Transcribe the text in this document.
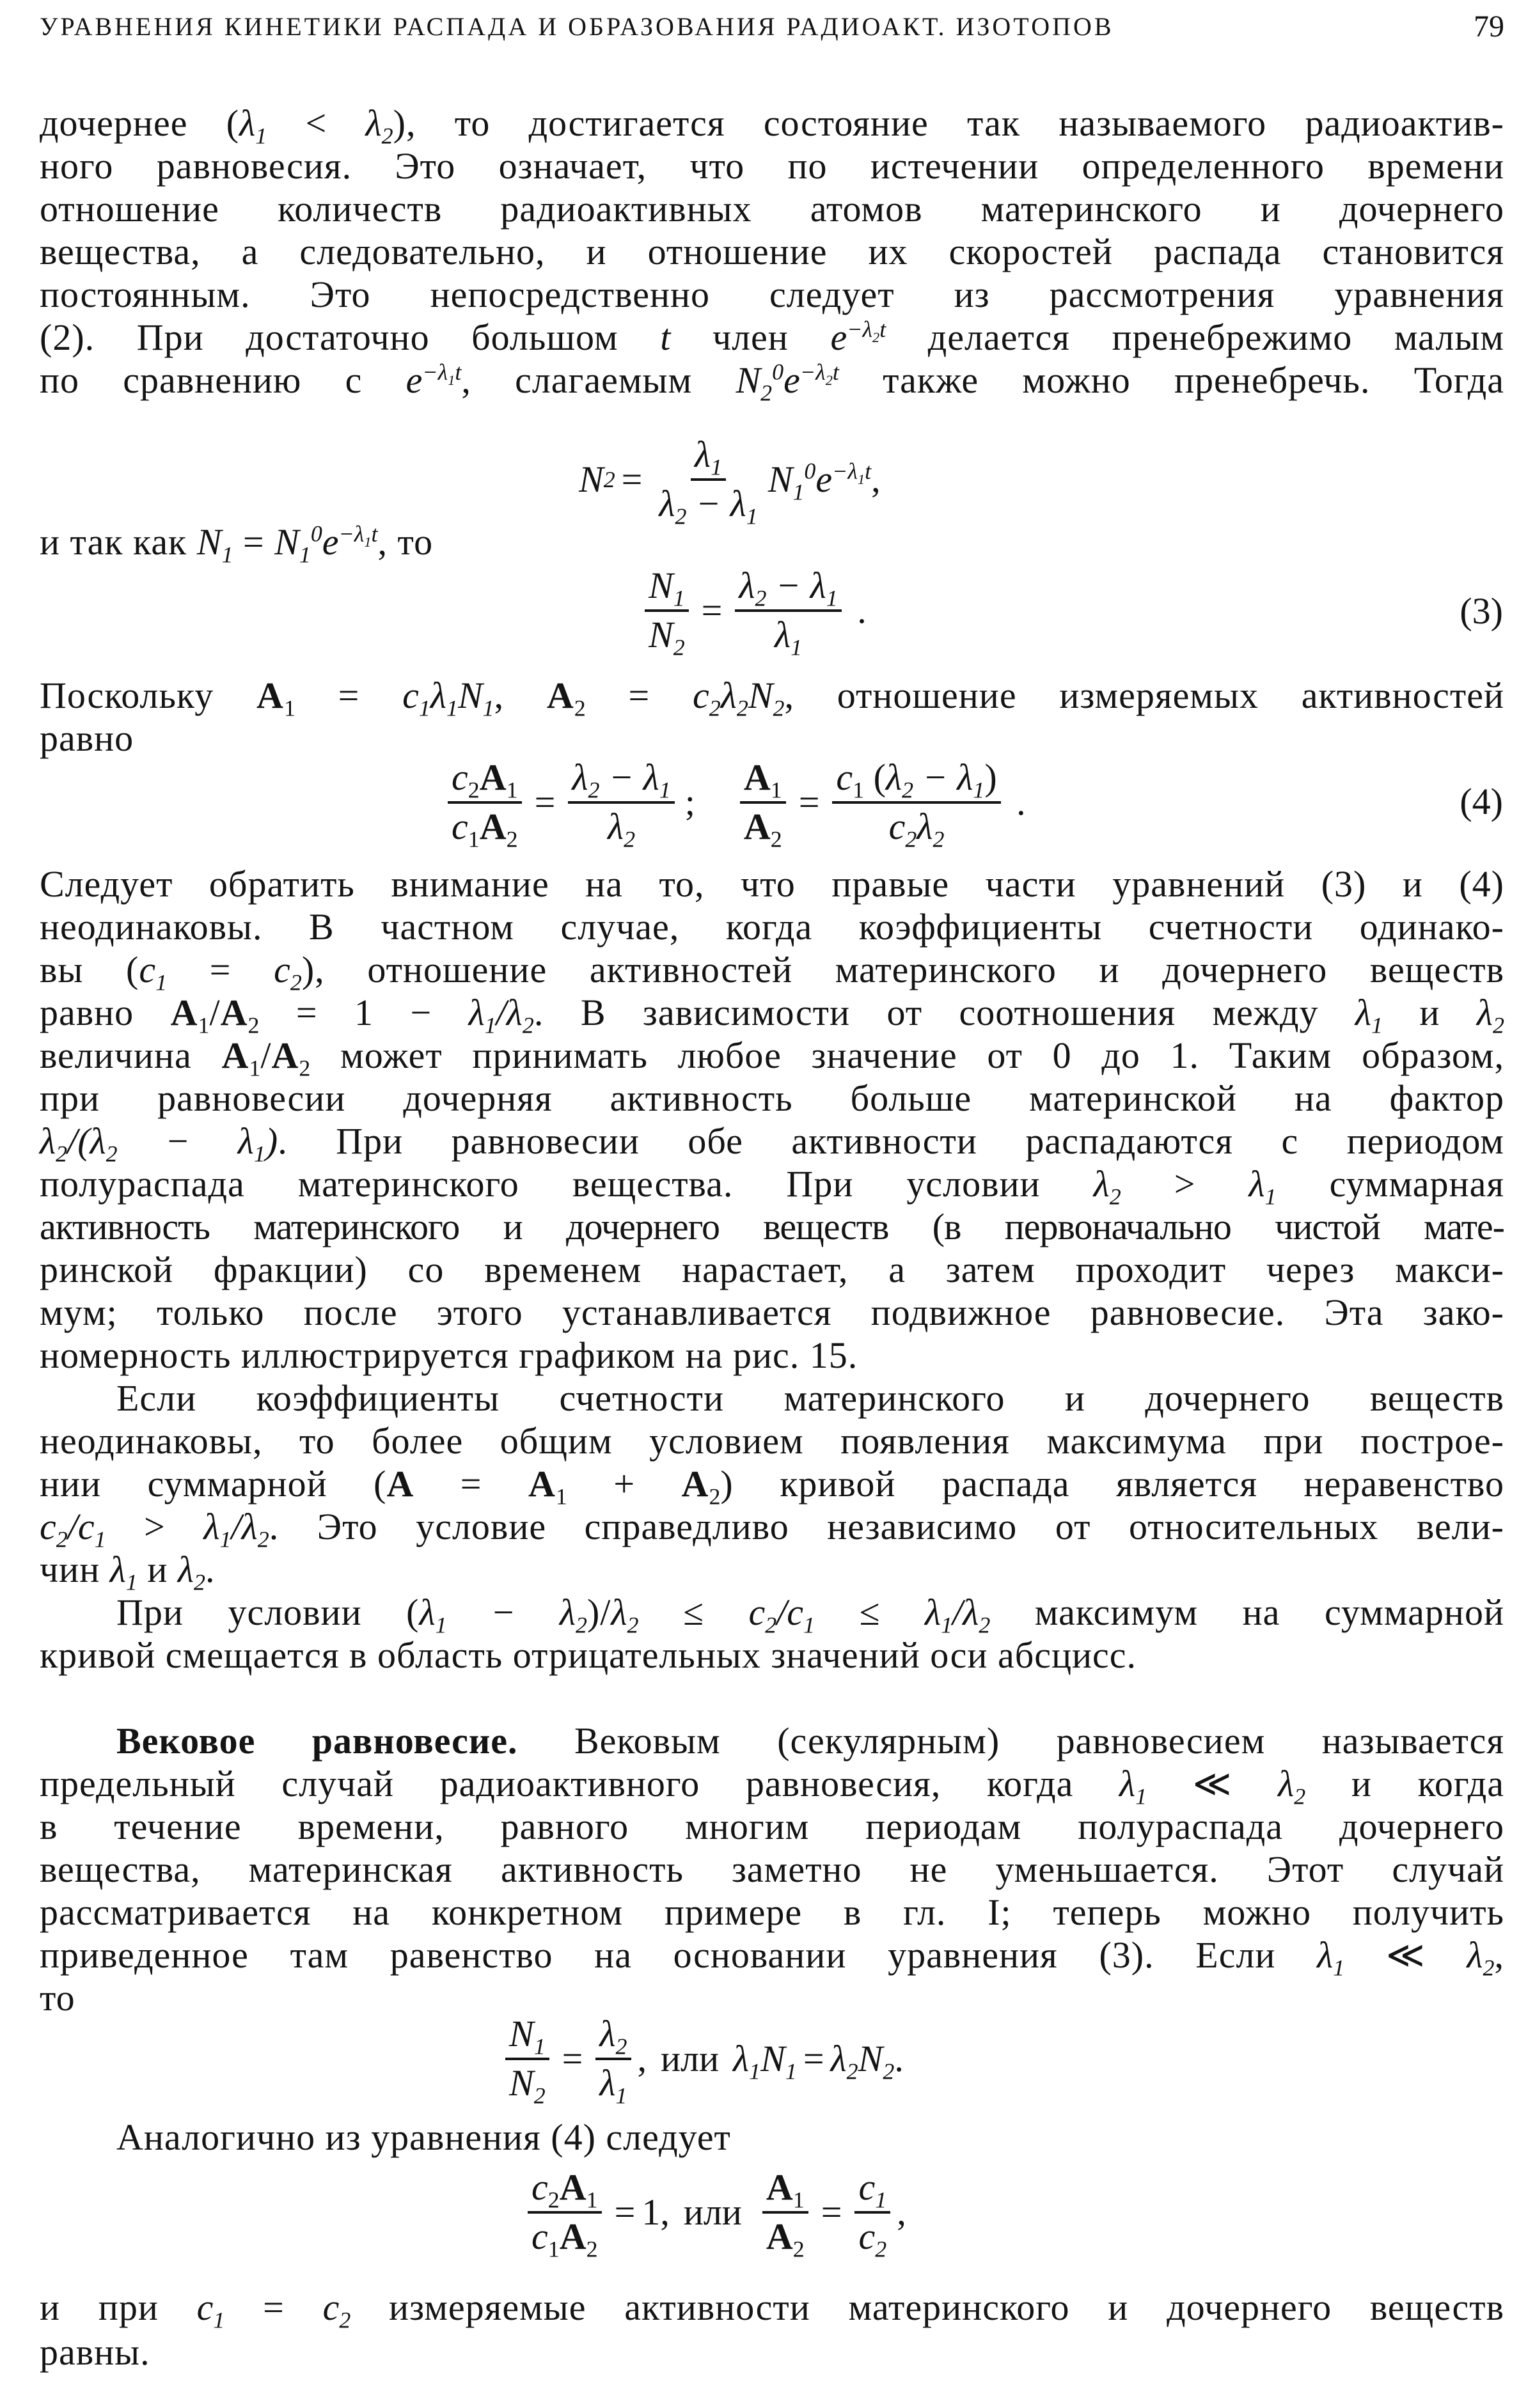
УРАВНЕНИЯ КИНЕТИКИ РАСПАДА И ОБРАЗОВАНИЯ РАДИОАКТ. ИЗОТОПОВ	79
дочернее $(\lambda_1 < \lambda_2)$, то достигается состояние так называемого радиоактив-
ного равновесия. Это означает, что по истечении определенного времени
отношение количеств радиоактивных атомов материнского и дочернего
вещества, а следовательно, и отношение их скоростей распада становится
постоянным. Это непосредственно следует из рассмотрения уравнения
(2). При достаточно большом t член $e^{-\lambda_2t}$ делается пренебрежимо малым
по сравнению с $e^{-\lambda_1t}$, слагаемым $N_2^0e^{-\lambda_2t}$ также можно пренебречь. Тогда
N $2 = \frac{\lambda_1}{\lambda_2 - \lambda_1} N_1^0e^{-\lambda_1t}$ ,
и так как $N_1 = N_1^0e^{-\lambda_1t}$, то
$\frac{N_1}{N_2} = \frac{\lambda_2 - \lambda_1}{\lambda_1}$ .	(3)
Поскольку $A_1 = c_1\lambda_1N_1$, $A_2 = c_2\lambda_2N_2$, отношение измеряемых активностей
равно
$\frac{c_2A_1}{c_1A_2} = \frac{\lambda_2 - \lambda_1}{\lambda_2}$ ; $\frac{A_1}{A_2} = \frac{c_1 (\lambda_2 - \lambda_1)}{c_2\lambda_2}$ .	(4)
Следует обратить внимание на то, что правые части уравнений (3) и (4)
неодинаковы. В частном случае, когда коэффициенты счетности одинако-
вы $(c_1 = c_2)$, отношение активностей материнского и дочернего веществ
равно $A_1/A_2 = 1 - \lambda_1/\lambda_2$. В зависимости от соотношения между $\lambda_1$ и $\lambda_2$
величина $A_1/A_2$ может принимать любое значение от 0 до 1. Таким образом,
при равновесии дочерняя активность больше материнской на фактор
$\lambda_2/(\lambda_2 - \lambda_1)$. При равновесии обе активности распадаются с периодом
полураспада материнского вещества. При условии $\lambda_2 > \lambda_1$ суммарная
активность материнского и дочернего веществ (в первоначально чистой мате-
ринской фракции) со временем нарастает, а затем проходит через макси-
мум; только после этого устанавливается подвижное равновесие. Эта зако-
номерность иллюстрируется графиком на рис. 15.
Если коэффициенты счетности материнского и дочернего веществ
неодинаковы, то более общим условием появления максимума при построе-
нии суммарной $(A = A_1 + A_2)$ кривой распада является неравенство
$c_2/c_1 > \lambda_1/\lambda_2$. Это условие справедливо независимо от относительных вели-
чин $\lambda_1$ и $\lambda_2$.
При условии $(\lambda_1 - \lambda_2)/\lambda_2 \le c_2/c_1 \le \lambda_1/\lambda_2$ максимум на суммарной
кривой смещается в область отрицательных значений оси абсцисс.
Вековое равновесие. Вековым (секулярным) равновесием называется
предельный случай радиоактивного равновесия, когда $\lambda_1$ ≪ $\lambda_2$ и когда
в течение времени, равного многим периодам полураспада дочернего
вещества, материнская активность заметно не уменьшается. Этот случай
рассматривается на конкретном примере в гл. I; теперь можно получить
приведенное там равенство на основании уравнения (3). Если $\lambda_1$ ≪ $\lambda_2$,
то
$\frac{N_1}{N_2} = \frac{\lambda_2}{\lambda_1}$ , или $\lambda_1N_1 = \lambda_2N_2$ .
Аналогично из уравнения (4) следует
$\frac{c_2A_1}{c_1A_2} = 1$ , или $\frac{A_1}{A_2} = \frac{c_1}{c_2}$ ,
и при $c_1 = c_2$ измеряемые активности материнского и дочернего веществ
равны.
